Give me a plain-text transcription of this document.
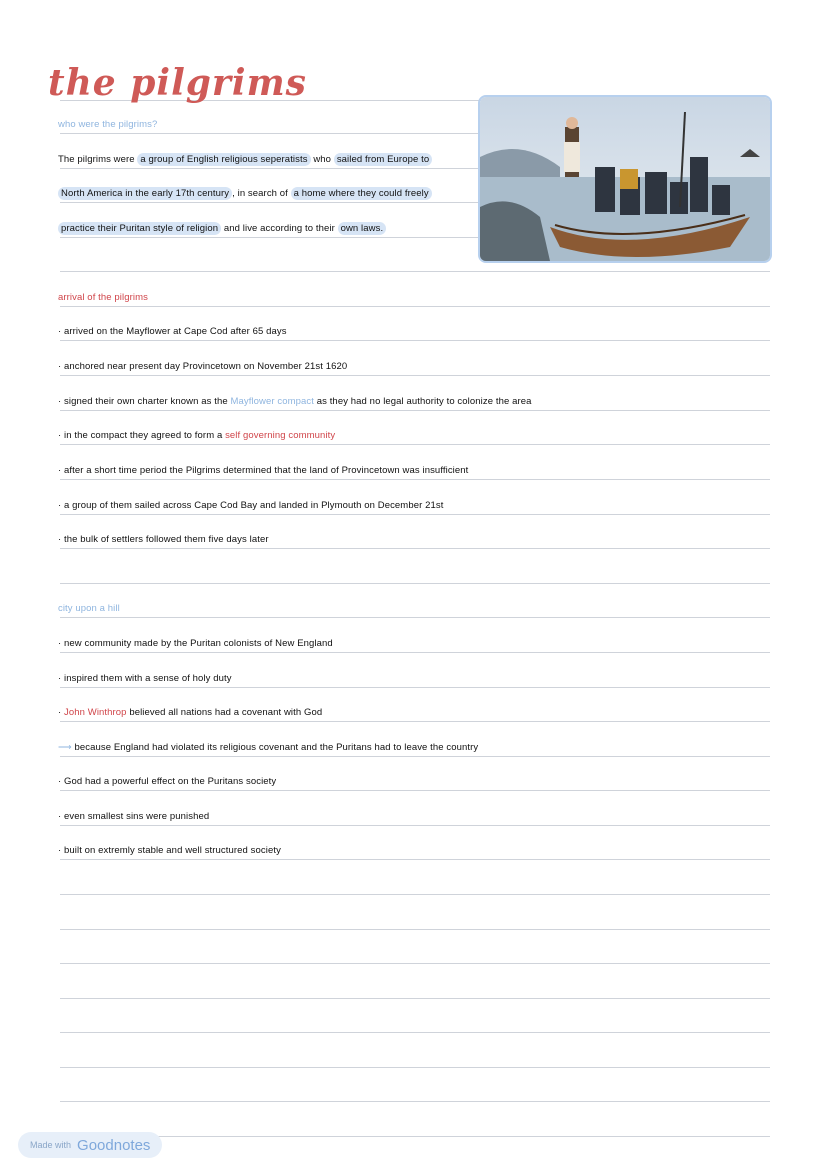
the pilgrims
who were the pilgrims?
The pilgrims were a group of English religious seperatists who sailed from Europe to
North America in the early 17th century , in search of a home where they could freely
practice their Puritan style of religion and live according to their own laws.
arrival of the pilgrims
· arrived on the Mayflower at Cape Cod after 65 days
· anchored near present day Provincetown on November 21st 1620
· signed their own charter known as the Mayflower compact as they had no legal authority to colonize the area
· in the compact they agreed to form a self governing community
· after a short time period the Pilgrims determined that the land of Provincetown was insufficient
· a group of them sailed across Cape Cod Bay and landed in Plymouth on December 21st
· the bulk of settlers followed them five days later
city upon a hill
· new community made by the Puritan colonists of New England
· inspired them with a sense of holy duty
· John Winthrop believed all nations had a covenant with God
⟶ because England had violated its religious covenant and the Puritans had to leave the country
· God had a powerful effect on the Puritans society
· even smallest sins were punished
· built on extremly stable and well structured society
Made with Goodnotes
